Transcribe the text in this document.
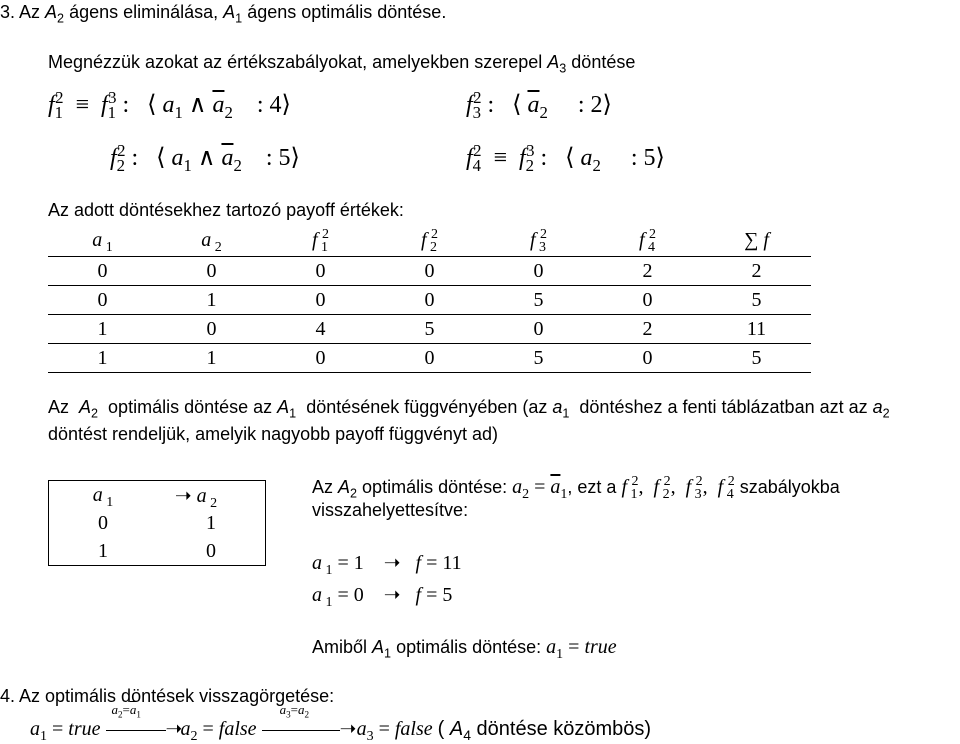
3. Az $A_2$ ágens eliminálása, $A_1$ ágens optimális döntése.
Megnézzük azokat az értékszabályokat, amelyekben szerepel $A_3$ döntése
$f_1^2 \equiv f_1^3$ :   ⟨ $a_1$ ∧ $\overline{a}_2$    : 4⟩	$f_3^2$ :   ⟨ $\overline{a}_2$     : 2⟩
$f_2^2$ :   ⟨ $a_1$ ∧ $\overline{a}_2$    : 5⟩	$f_4^2 \equiv f_2^3$ :   ⟨ $a_2$     : 5⟩
Az adott döntésekhez tartozó payoff értékek:
a $_1$	a $_2$	f $_1^2$	f $_2^2$	f $_3^2$	f $_4^2$	∑ f
0	0	0	0	0	2	2
0	1	0	0	5	0	5
1	0	4	5	0	2	11
1	1	0	0	5	0	5
Az  $A_2$  optimális döntése az $A_1$  döntésének függvényében (az $a_1$  döntéshez a fenti táblázatban azt az $a_2$
döntést rendeljük, amelyik nagyobb payoff függvényt ad)
a $_1$	➝ a $_2$
0	1
1	0
Az $A_2$ optimális döntése: $a_2 = \overline{a}_1$, ezt a f $_1^2$,  f $_2^2$,  f $_3^2$,  f $_4^2$ szabályokba
visszahelyettesítve:
a $_1$ = 1    ➝ f = 11
a $_1$ = 0    ➝ f = 5
Amiből $A_1$ optimális döntése: $a_1$ = true
4. Az optimális döntések visszagörgetése:
$a_1$ = true
$a_2=\overline{a}_1$
➝ $a_2$ = false
$a_3=a_2$
➝ $a_3$ = false ( $A_4$ döntése közömbös)
